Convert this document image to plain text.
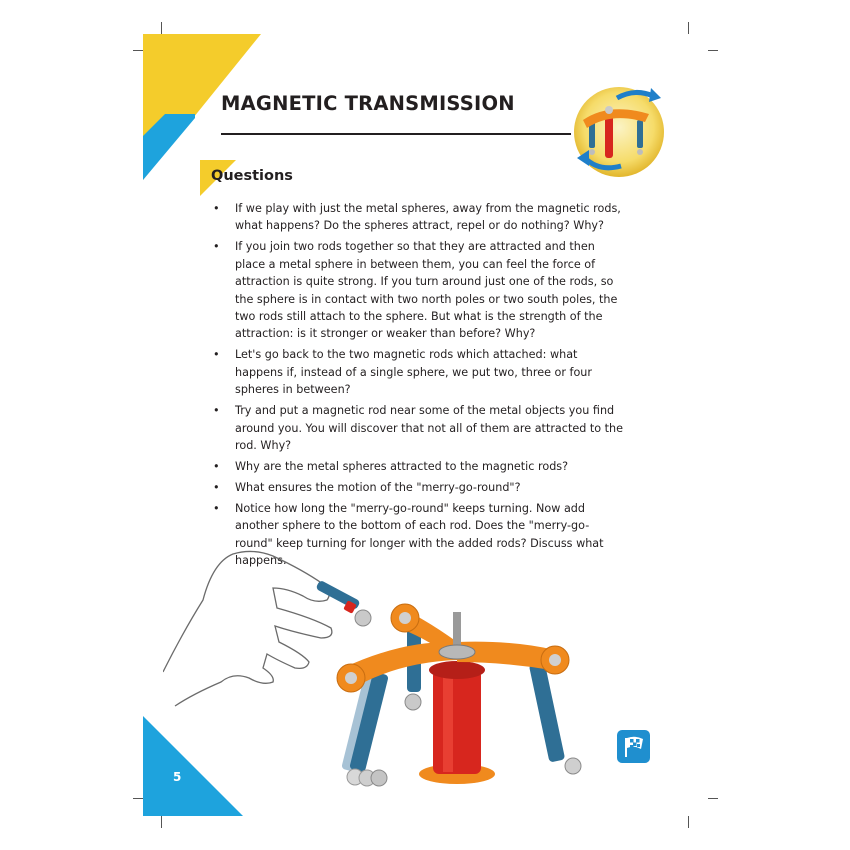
MAGNETIC TRANSMISSION
Questions
• If we play with just the metal spheres, away from the magnetic rods, what happens? Do the spheres attract, repel or do nothing? Why?
• If you join two rods together so that they are attracted and then place a metal sphere in between them, you can feel the force of attraction is quite strong. If you turn around just one of the rods, so the sphere is in contact with two north poles or two south poles, the two rods still attach to the sphere. But what is the strength of the attraction: is it stronger or weaker than before? Why?
• Let's go back to the two magnetic rods which attached: what happens if, instead of a single sphere, we put two, three or four spheres in between?
• Try and put a magnetic rod near some of the metal objects you find around you. You will discover that not all of them are attracted to the rod. Why?
• Why are the metal spheres attracted to the magnetic rods?
• What ensures the motion of the "merry-go-round"?
• Notice how long the "merry-go-round" keeps turning. Now add another sphere to the bottom of each rod. Does the "merry-go-round" keep turning for longer with the added rods? Discuss what happens.
5
